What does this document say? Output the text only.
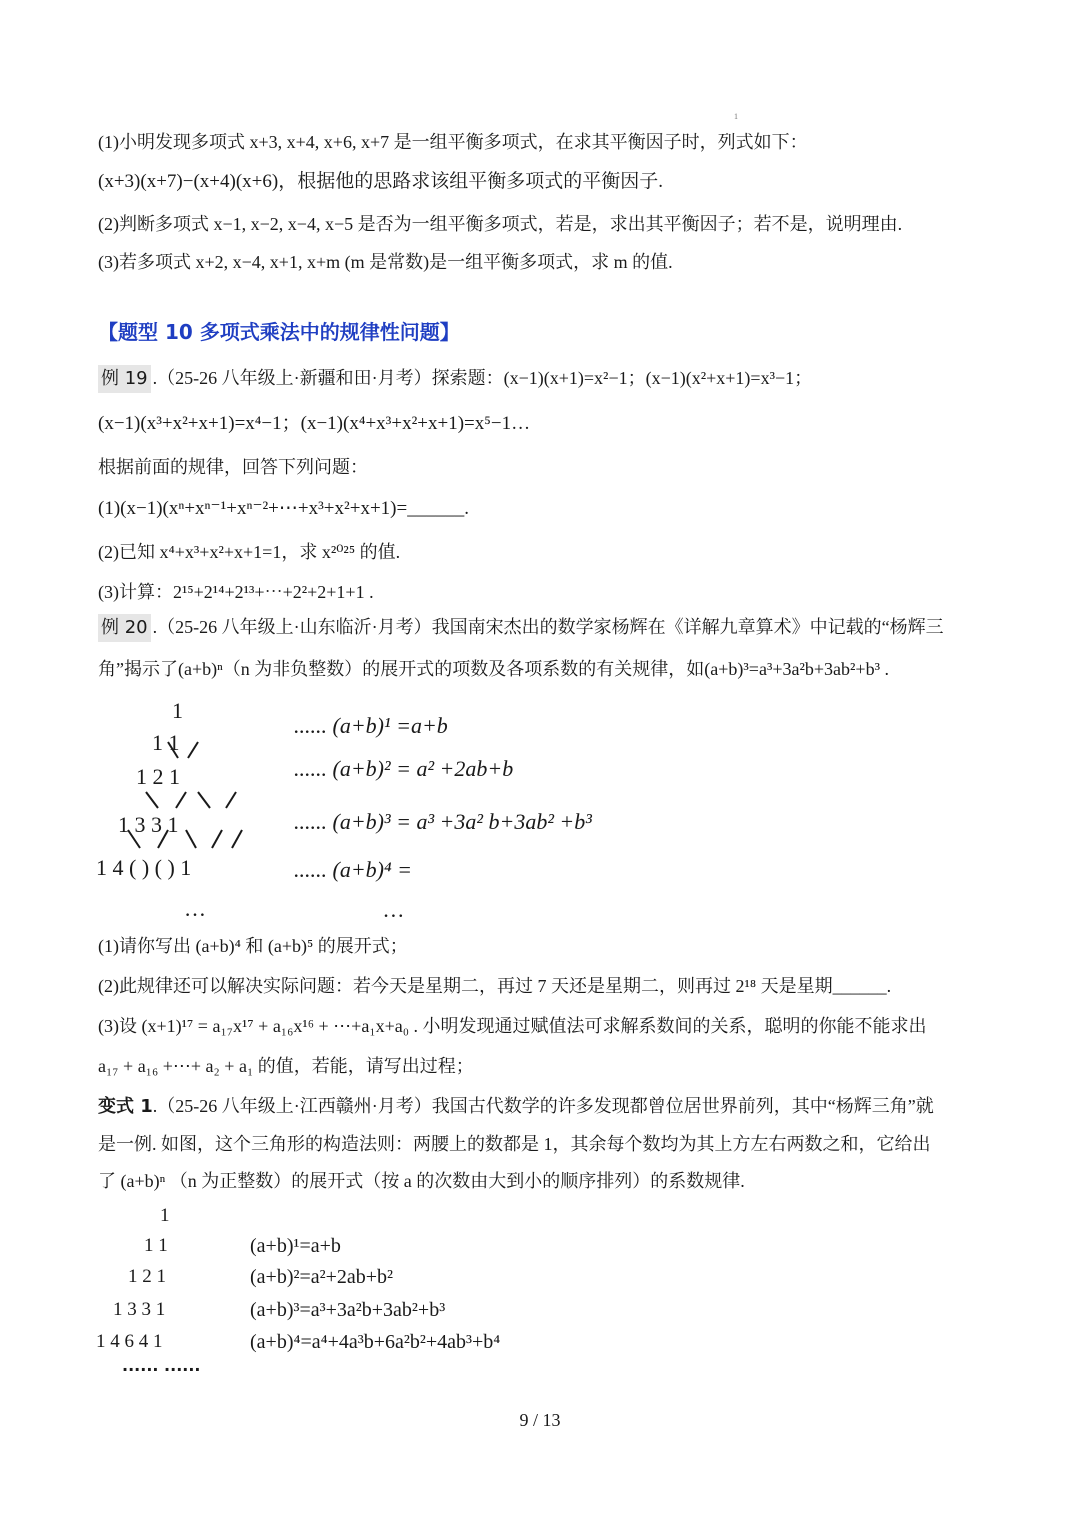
1
(1)小明发现多项式 x+3, x+4, x+6, x+7 是一组平衡多项式，在求其平衡因子时，列式如下：
(x+3)(x+7)−(x+4)(x+6)，根据他的思路求该组平衡多项式的平衡因子.
(2)判断多项式 x−1, x−2, x−4, x−5 是否为一组平衡多项式，若是，求出其平衡因子；若不是，说明理由.
(3)若多项式 x+2, x−4, x+1, x+m (m 是常数)是一组平衡多项式，求 m 的值.
【题型 10 多项式乘法中的规律性问题】
例 19 .（25-26 八年级上·新疆和田·月考）探索题：(x−1)(x+1)=x²−1；(x−1)(x²+x+1)=x³−1；
(x−1)(x³+x²+x+1)=x⁴−1；(x−1)(x⁴+x³+x²+x+1)=x⁵−1…
根据前面的规律，回答下列问题：
(1)(x−1)(xⁿ+xⁿ⁻¹+xⁿ⁻²+⋯+x³+x²+x+1)=______.
(2)已知 x⁴+x³+x²+x+1=1，求 x²⁰²⁵ 的值.
(3)计算：2¹⁵+2¹⁴+2¹³+⋯+2²+2+1+1 .
例 20 .（25-26 八年级上·山东临沂·月考）我国南宋杰出的数学家杨辉在《详解九章算术》中记载的“杨辉三
角”揭示了(a+b)ⁿ（n 为非负整数）的展开式的项数及各项系数的有关规律，如(a+b)³=a³+3a²b+3ab²+b³ .
1
1 1
1 2 1
1 3 3 1
1 4 ( ) ( ) 1
…
...... (a+b)¹ =a+b
...... (a+b)² = a² +2ab+b
...... (a+b)³ = a³ +3a² b+3ab² +b³
...... (a+b)⁴ =
…
(1)请你写出 (a+b)⁴ 和 (a+b)⁵ 的展开式；
(2)此规律还可以解决实际问题：若今天是星期二，再过 7 天还是星期二，则再过 2¹⁸ 天是星期______.
(3)设 (x+1)¹⁷ = a₁₇x¹⁷ + a₁₆x¹⁶ + ⋯+a₁x+a₀ . 小明发现通过赋值法可求解系数间的关系，聪明的你能不能求出
a₁₇ + a₁₆ +⋯+ a₂ + a₁ 的值，若能，请写出过程；
变式 1.（25-26 八年级上·江西赣州·月考）我国古代数学的许多发现都曾位居世界前列，其中“杨辉三角”就
是一例. 如图，这个三角形的构造法则：两腰上的数都是 1，其余每个数均为其上方左右两数之和，它给出
了 (a+b)ⁿ （n 为正整数）的展开式（按 a 的次数由大到小的顺序排列）的系数规律.
1
1 1
1 2 1
1 3 3 1
1 4 6 4 1
...... ......
(a+b)¹=a+b
(a+b)²=a²+2ab+b²
(a+b)³=a³+3a²b+3ab²+b³
(a+b)⁴=a⁴+4a³b+6a²b²+4ab³+b⁴
9 / 13
